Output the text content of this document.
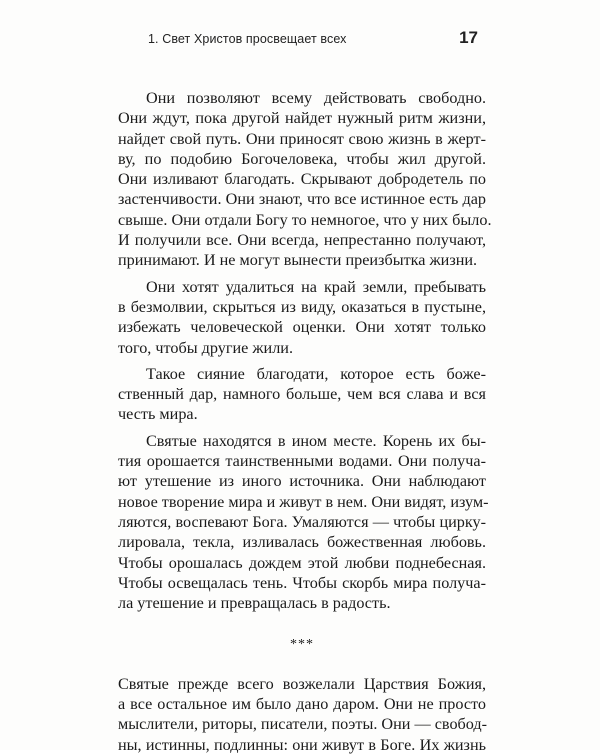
1. Свет Христов просвещает всех	17
Они позволяют всему действовать свободно.
Они ждут, пока другой найдет нужный ритм жизни,
найдет свой путь. Они приносят свою жизнь в жерт-
ву, по подобию Богочеловека, чтобы жил другой.
Они изливают благодать. Скрывают добродетель по
застенчивости. Они знают, что все истинное есть дар
свыше. Они отдали Богу то немногое, что у них было.
И получили все. Они всегда, непрестанно получают,
принимают. И не могут вынести преизбытка жизни.
Они хотят удалиться на край земли, пребывать
в безмолвии, скрыться из виду, оказаться в пустыне,
избежать человеческой оценки. Они хотят только
того, чтобы другие жили.
Такое сияние благодати, которое есть боже-
ственный дар, намного больше, чем вся слава и вся
честь мира.
Святые находятся в ином месте. Корень их бы-
тия орошается таинственными водами. Они получа-
ют утешение из иного источника. Они наблюдают
новое творение мира и живут в нем. Они видят, изум-
ляются, воспевают Бога. Умаляются — чтобы цирку-
лировала, текла, изливалась божественная любовь.
Чтобы орошалась дождем этой любви поднебесная.
Чтобы освещалась тень. Чтобы скорбь мира получа-
ла утешение и превращалась в радость.
***
Святые прежде всего возжелали Царствия Божия,
а все остальное им было дано даром. Они не просто
мыслители, риторы, писатели, поэты. Они — свобод-
ны, истинны, подлинны: они живут в Боге. Их жизнь
